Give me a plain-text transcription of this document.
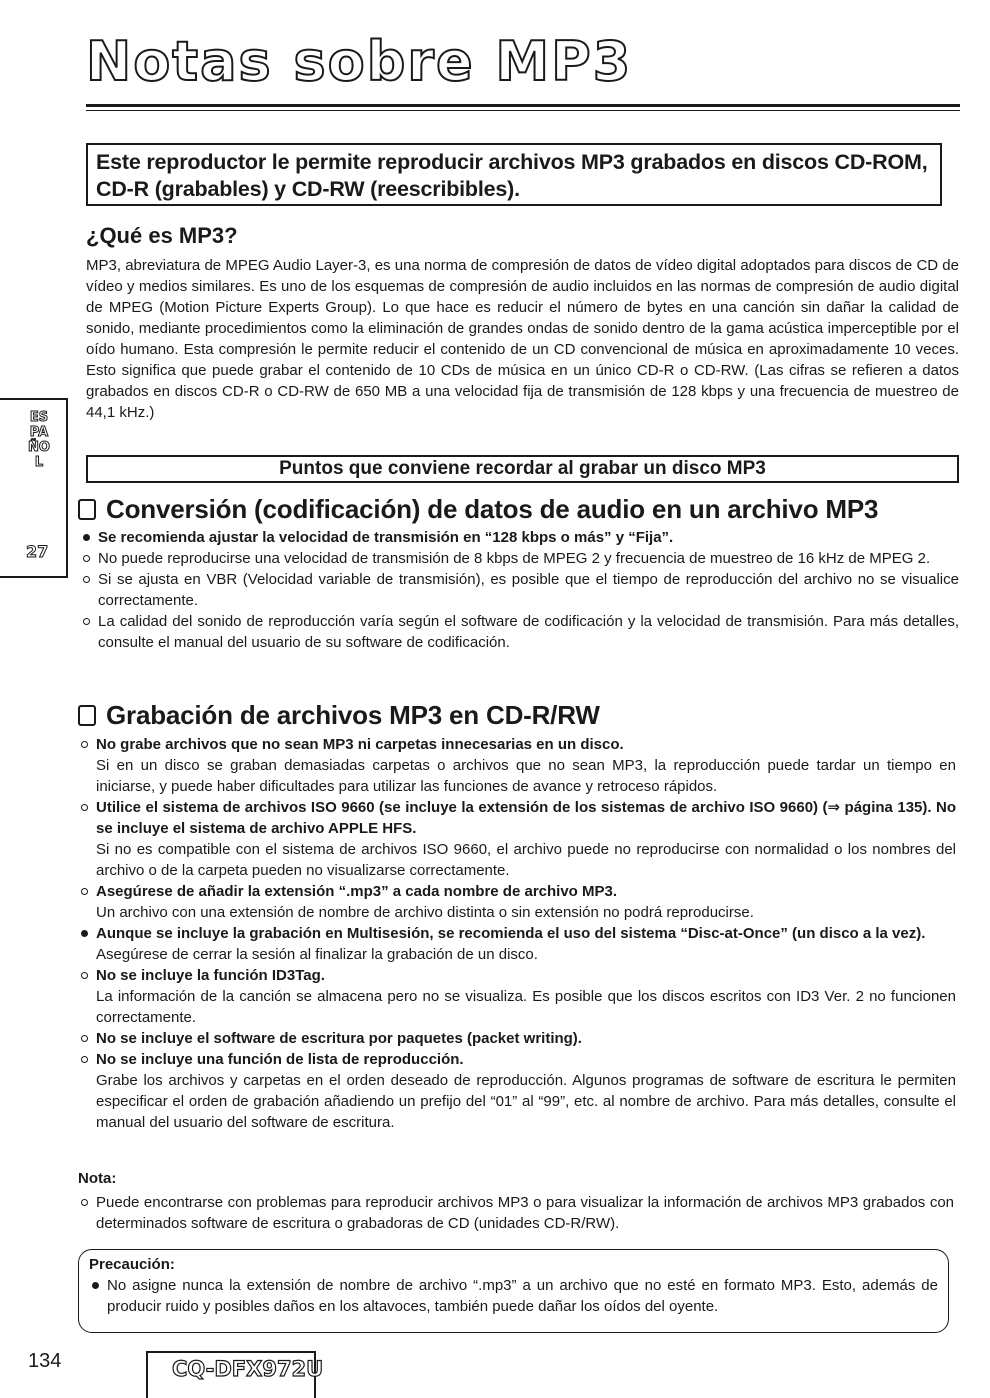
Notas sobre MP3
Este reproductor le permite reproducir archivos MP3 grabados en discos CD-ROM, CD-R (grabables) y CD-RW (reescribibles).
¿Qué es MP3?

MP3, abreviatura de MPEG Audio Layer-3, es una norma de compresión de datos de vídeo digital adoptados para discos de CD de vídeo y medios similares. Es uno de los esquemas de compresión de audio incluidos en las normas de compresión de audio digital de MPEG (Motion Picture Experts Group). Lo que hace es reducir el número de bytes en una canción sin dañar la calidad de sonido, mediante procedimientos como la eliminación de grandes ondas de sonido dentro de la gama acústica imperceptible por el oído humano. Esta compresión le permite reducir el contenido de un CD convencional de música en aproximadamente 10 veces. Esto significa que puede grabar el contenido de 10 CDs de música en un único CD-R o CD-RW. (Las cifras se refieren a datos grabados en discos CD-R o CD-RW de 650 MB a una velocidad fija de transmisión de 128 kbps y una frecuencia de muestreo de 44,1 kHz.)

ESPAÑOL
27
Puntos que conviene recordar al grabar un disco MP3
Conversión (codificación) de datos de audio en un archivo MP3
Se recomienda ajustar la velocidad de transmisión en “128 kbps o más” y “Fija”.
No puede reproducirse una velocidad de transmisión de 8 kbps de MPEG 2 y frecuencia de muestreo de 16 kHz de MPEG 2.
Si se ajusta en VBR (Velocidad variable de transmisión), es posible que el tiempo de reproducción del archivo no se visualice correctamente.
La calidad del sonido de reproducción varía según el software de codificación y la velocidad de transmisión. Para más detalles, consulte el manual del usuario de su software de codificación.
Grabación de archivos MP3 en CD-R/RW
No grabe archivos que no sean MP3 ni carpetas innecesarias en un disco.
Si en un disco se graban demasiadas carpetas o archivos que no sean MP3, la reproducción puede tardar un tiempo en iniciarse, y puede haber dificultades para utilizar las funciones de avance y retroceso rápidos.
Utilice el sistema de archivos ISO 9660 (se incluye la extensión de los sistemas de archivo ISO 9660) (⇒ página 135). No se incluye el sistema de archivo APPLE HFS.
Si no es compatible con el sistema de archivos ISO 9660, el archivo puede no reproducirse con normalidad o los nombres del archivo o de la carpeta pueden no visualizarse correctamente.
Asegúrese de añadir la extensión “.mp3” a cada nombre de archivo MP3.
Un archivo con una extensión de nombre de archivo distinta o sin extensión no podrá reproducirse.
Aunque se incluye la grabación en Multisesión, se recomienda el uso del sistema “Disc-at-Once” (un disco a la vez).
Asegúrese de cerrar la sesión al finalizar la grabación de un disco.
No se incluye la función ID3Tag.
La información de la canción se almacena pero no se visualiza. Es posible que los discos escritos con ID3 Ver. 2 no funcionen correctamente.
No se incluye el software de escritura por paquetes (packet writing).
No se incluye una función de lista de reproducción.
Grabe los archivos y carpetas en el orden deseado de reproducción. Algunos programas de software de escritura le permiten especificar el orden de grabación añadiendo un prefijo del “01” al “99”, etc. al nombre de archivo. Para más detalles, consulte el manual del usuario del software de escritura.
Nota:
Puede encontrarse con problemas para reproducir archivos MP3 o para visualizar la información de archivos MP3 grabados con determinados software de escritura o grabadoras de CD (unidades CD-R/RW).
Precaución:
No asigne nunca la extensión de nombre de archivo “.mp3” a un archivo que no esté en formato MP3. Esto, además de producir ruido y posibles daños en los altavoces, también puede dañar los oídos del oyente.
134	CQ-DFX972U
